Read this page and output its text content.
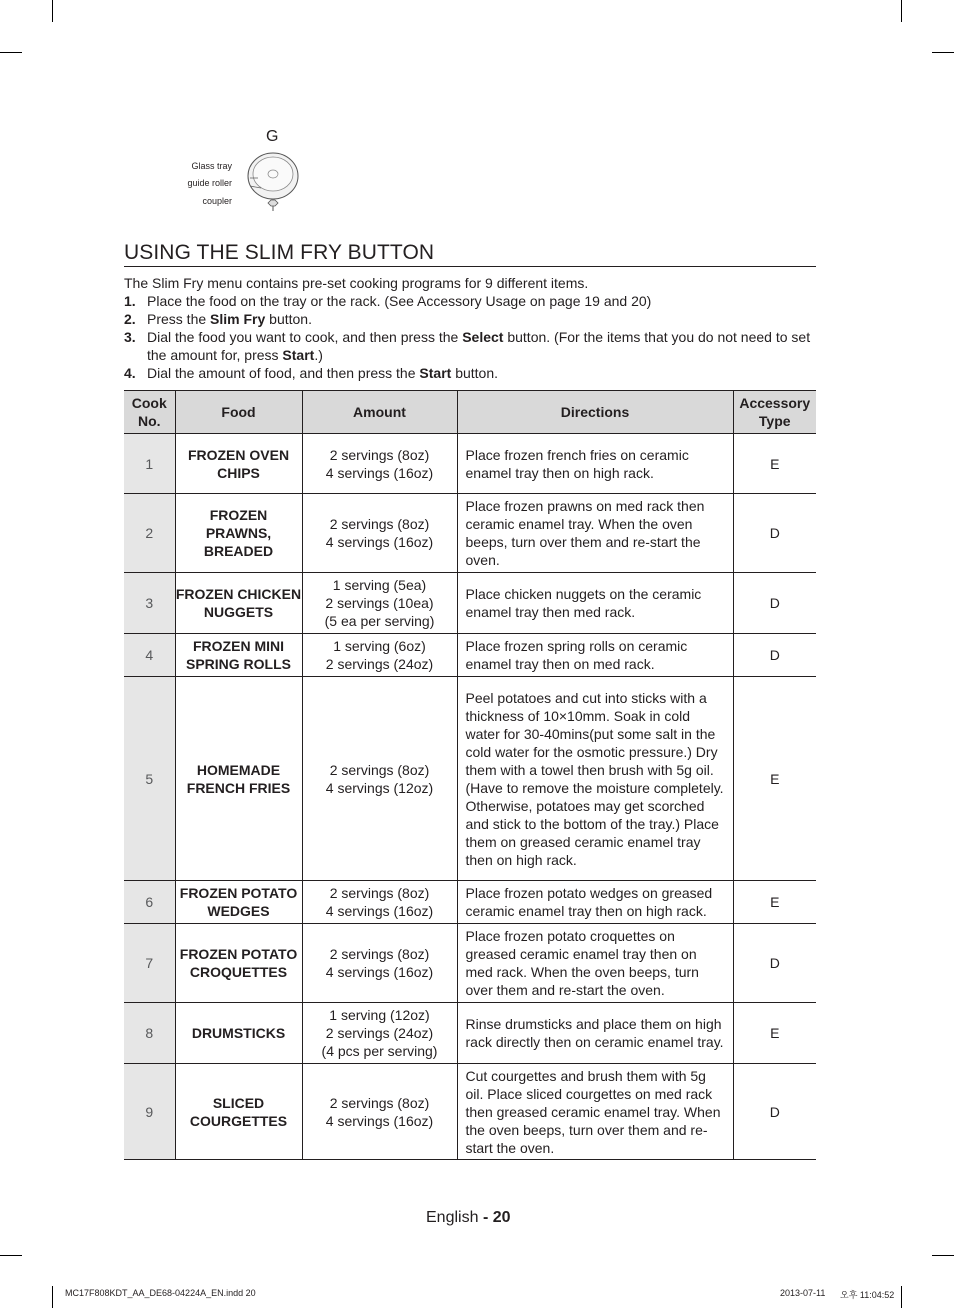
G
Glass tray
guide roller
coupler
USING THE SLIM FRY BUTTON

The Slim Fry menu contains pre-set cooking programs for 9 different items.

1. Place the food on the tray or the rack. (See Accessory Usage on page 19 and 20)
2. Press the Slim Fry button.
3. Dial the food you want to cook, and then press the Select button. (For the items that you do not need to set the amount for, press Start.)
4. Dial the amount of food, and then press the Start button.
Cook No.	Food	Amount	Directions	Accessory Type
1	FROZEN OVEN CHIPS	2 servings (8oz)
4 servings (16oz)	Place frozen french fries on ceramic enamel tray then on high rack.	E
2	FROZEN PRAWNS, BREADED	2 servings (8oz)
4 servings (16oz)	Place frozen prawns on med rack then ceramic enamel tray. When the oven beeps, turn over them and re-start the oven.	D
3	FROZEN CHICKEN NUGGETS	1 serving (5ea)
2 servings (10ea)
(5 ea per serving)	Place chicken nuggets on the ceramic enamel tray then med rack.	D
4	FROZEN MINI SPRING ROLLS	1 serving (6oz)
2 servings (24oz)	Place frozen spring rolls on ceramic enamel tray then on med rack.	D
5	HOMEMADE FRENCH FRIES	2 servings (8oz)
4 servings (12oz)	Peel potatoes and cut into sticks with a thickness of 10×10mm. Soak in cold water for 30-40mins(put some salt in the cold water for the osmotic pressure.) Dry them with a towel then brush with 5g oil. (Have to remove the moisture completely. Otherwise, potatoes may get scorched and stick to the bottom of the tray.) Place them on greased ceramic enamel tray then on high rack.	E
6	FROZEN POTATO WEDGES	2 servings (8oz)
4 servings (16oz)	Place frozen potato wedges on greased ceramic enamel tray then on high rack.	E
7	FROZEN POTATO CROQUETTES	2 servings (8oz)
4 servings (16oz)	Place frozen potato croquettes on greased ceramic enamel tray then on med rack. When the oven beeps, turn over them and re-start the oven.	D
8	DRUMSTICKS	1 serving (12oz)
2 servings (24oz)
(4 pcs per serving)	Rinse drumsticks and place them on high rack directly then on ceramic enamel tray.	E
9	SLICED COURGETTES	2 servings (8oz)
4 servings (16oz)	Cut courgettes and brush them with 5g oil. Place sliced courgettes on med rack then greased ceramic enamel tray. When the oven beeps, turn over them and re-start the oven.	D
English - 20
MC17F808KDT_AA_DE68-04224A_EN.indd 20	2013-07-11 오후 11:04:52
